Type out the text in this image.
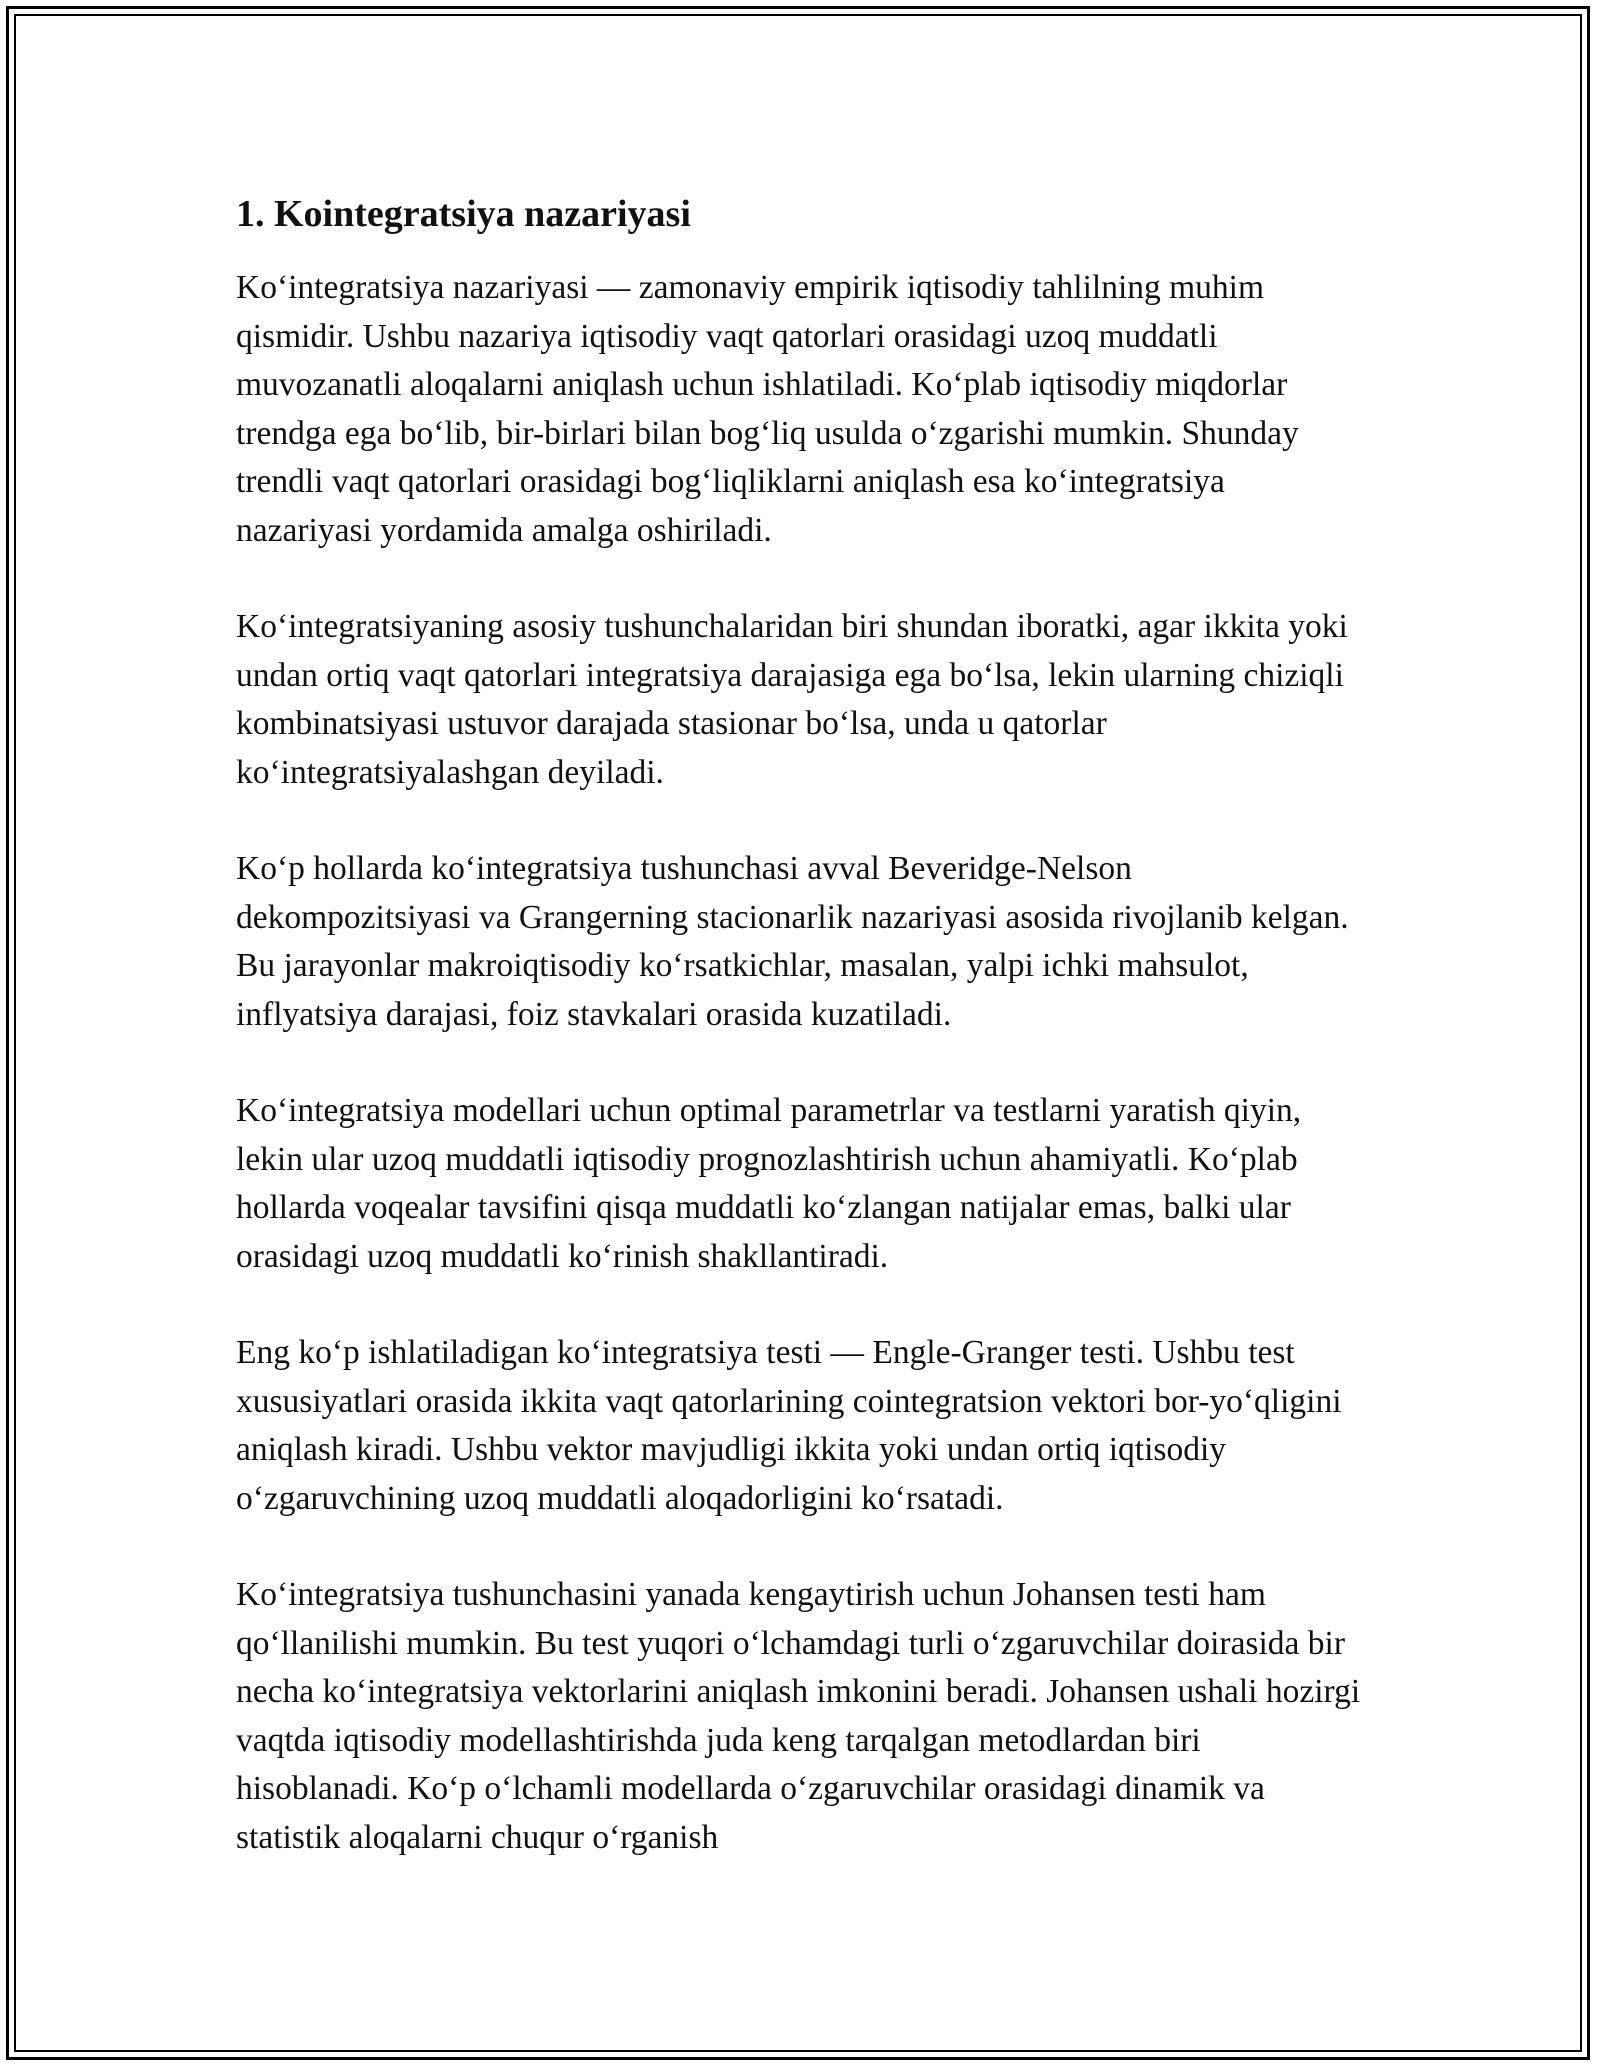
1. Kointegratsiya nazariyasi

Ko‘integratsiya nazariyasi — zamonaviy empirik iqtisodiy tahlilning muhim qismidir. Ushbu nazariya iqtisodiy vaqt qatorlari orasidagi uzoq muddatli muvozanatli aloqalarni aniqlash uchun ishlatiladi. Ko‘plab iqtisodiy miqdorlar trendga ega bo‘lib, bir-birlari bilan bog‘liq usulda o‘zgarishi mumkin. Shunday trendli vaqt qatorlari orasidagi bog‘liqliklarni aniqlash esa ko‘integratsiya nazariyasi yordamida amalga oshiriladi.

Ko‘integratsiyaning asosiy tushunchalaridan biri shundan iboratki, agar ikkita yoki undan ortiq vaqt qatorlari integratsiya darajasiga ega bo‘lsa, lekin ularning chiziqli kombinatsiyasi ustuvor darajada stasionar bo‘lsa, unda u qatorlar ko‘integratsiyalashgan deyiladi.

Ko‘p hollarda ko‘integratsiya tushunchasi avval Beveridge-Nelson dekompozitsiyasi va Grangerning stacionarlik nazariyasi asosida rivojlanib kelgan. Bu jarayonlar makroiqtisodiy ko‘rsatkichlar, masalan, yalpi ichki mahsulot, inflyatsiya darajasi, foiz stavkalari orasida kuzatiladi.

Ko‘integratsiya modellari uchun optimal parametrlar va testlarni yaratish qiyin, lekin ular uzoq muddatli iqtisodiy prognozlashtirish uchun ahamiyatli. Ko‘plab hollarda voqealar tavsifini qisqa muddatli ko‘zlangan natijalar emas, balki ular orasidagi uzoq muddatli ko‘rinish shakllantiradi.

Eng ko‘p ishlatiladigan ko‘integratsiya testi — Engle-Granger testi. Ushbu test xususiyatlari orasida ikkita vaqt qatorlarining cointegratsion vektori bor-yo‘qligini aniqlash kiradi. Ushbu vektor mavjudligi ikkita yoki undan ortiq iqtisodiy o‘zgaruvchining uzoq muddatli aloqadorligini ko‘rsatadi.

Ko‘integratsiya tushunchasini yanada kengaytirish uchun Johansen testi ham qo‘llanilishi mumkin. Bu test yuqori o‘lchamdagi turli o‘zgaruvchilar doirasida bir necha ko‘integratsiya vektorlarini aniqlash imkonini beradi. Johansen ushali hozirgi vaqtda iqtisodiy modellashtirishda juda keng tarqalgan metodlardan biri hisoblanadi. Ko‘p o‘lchamli modellarda o‘zgaruvchilar orasidagi dinamik va statistik aloqalarni chuqur o‘rganish
